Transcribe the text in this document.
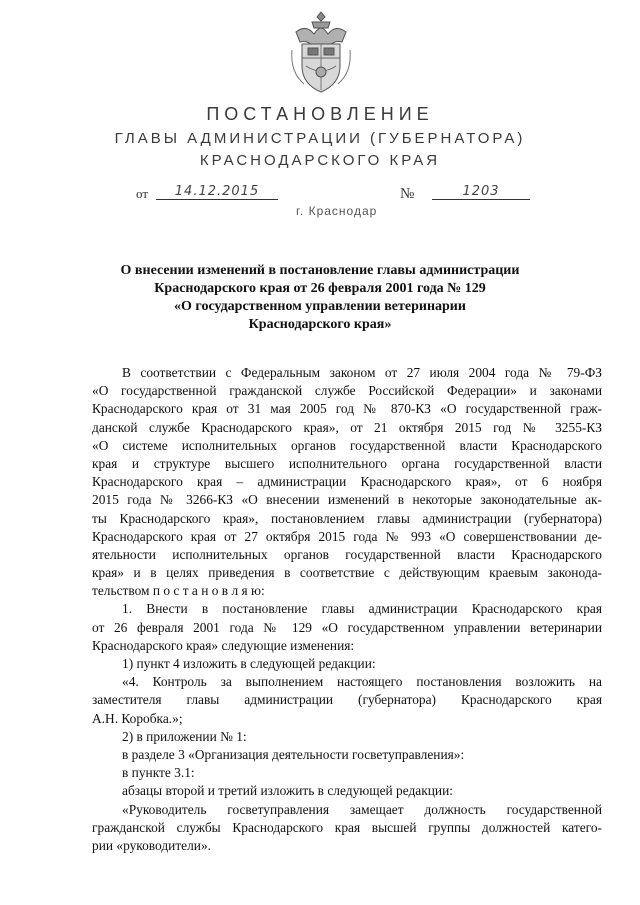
ПОСТАНОВЛЕНИЕ
ГЛАВЫ АДМИНИСТРАЦИИ (ГУБЕРНАТОРА)
КРАСНОДАРСКОГО КРАЯ
от	14.12.2015	№	1203
г. Краснодар
О внесении изменений в постановление главы администрации
Краснодарского края от 26 февраля 2001 года № 129
«О государственном управлении ветеринарии
Краснодарского края»
В соответствии с Федеральным законом от 27 июля 2004 года № 79-ФЗ
«О государственной гражданской службе Российской Федерации» и законами
Краснодарского края от 31 мая 2005 год № 870-КЗ «О государственной граж-
данской службе Краснодарского края», от 21 октября 2015 год № 3255-КЗ
«О системе исполнительных органов государственной власти Краснодарского
края и структуре высшего исполнительного органа государственной власти
Краснодарского края – администрации Краснодарского края», от 6 ноября
2015 года № 3266-КЗ «О внесении изменений в некоторые законодательные ак-
ты Краснодарского края», постановлением главы администрации (губернатора)
Краснодарского края от 27 октября 2015 года № 993 «О совершенствовании де-
ятельности исполнительных органов государственной власти Краснодарского
края» и в целях приведения в соответствие с действующим краевым законода-
тельством п о с т а н о в л я ю:
1. Внести в постановление главы администрации Краснодарского края
от 26 февраля 2001 года № 129 «О государственном управлении ветеринарии
Краснодарского края» следующие изменения:
1) пункт 4 изложить в следующей редакции:
«4. Контроль за выполнением настоящего постановления возложить на
заместителя главы администрации (губернатора) Краснодарского края
А.Н. Коробка.»;
2) в приложении № 1:
в разделе 3 «Организация деятельности госветуправления»:
в пункте 3.1:
абзацы второй и третий изложить в следующей редакции:
«Руководитель госветуправления замещает должность государственной
гражданской службы Краснодарского края высшей группы должностей катего-
рии «руководители».
